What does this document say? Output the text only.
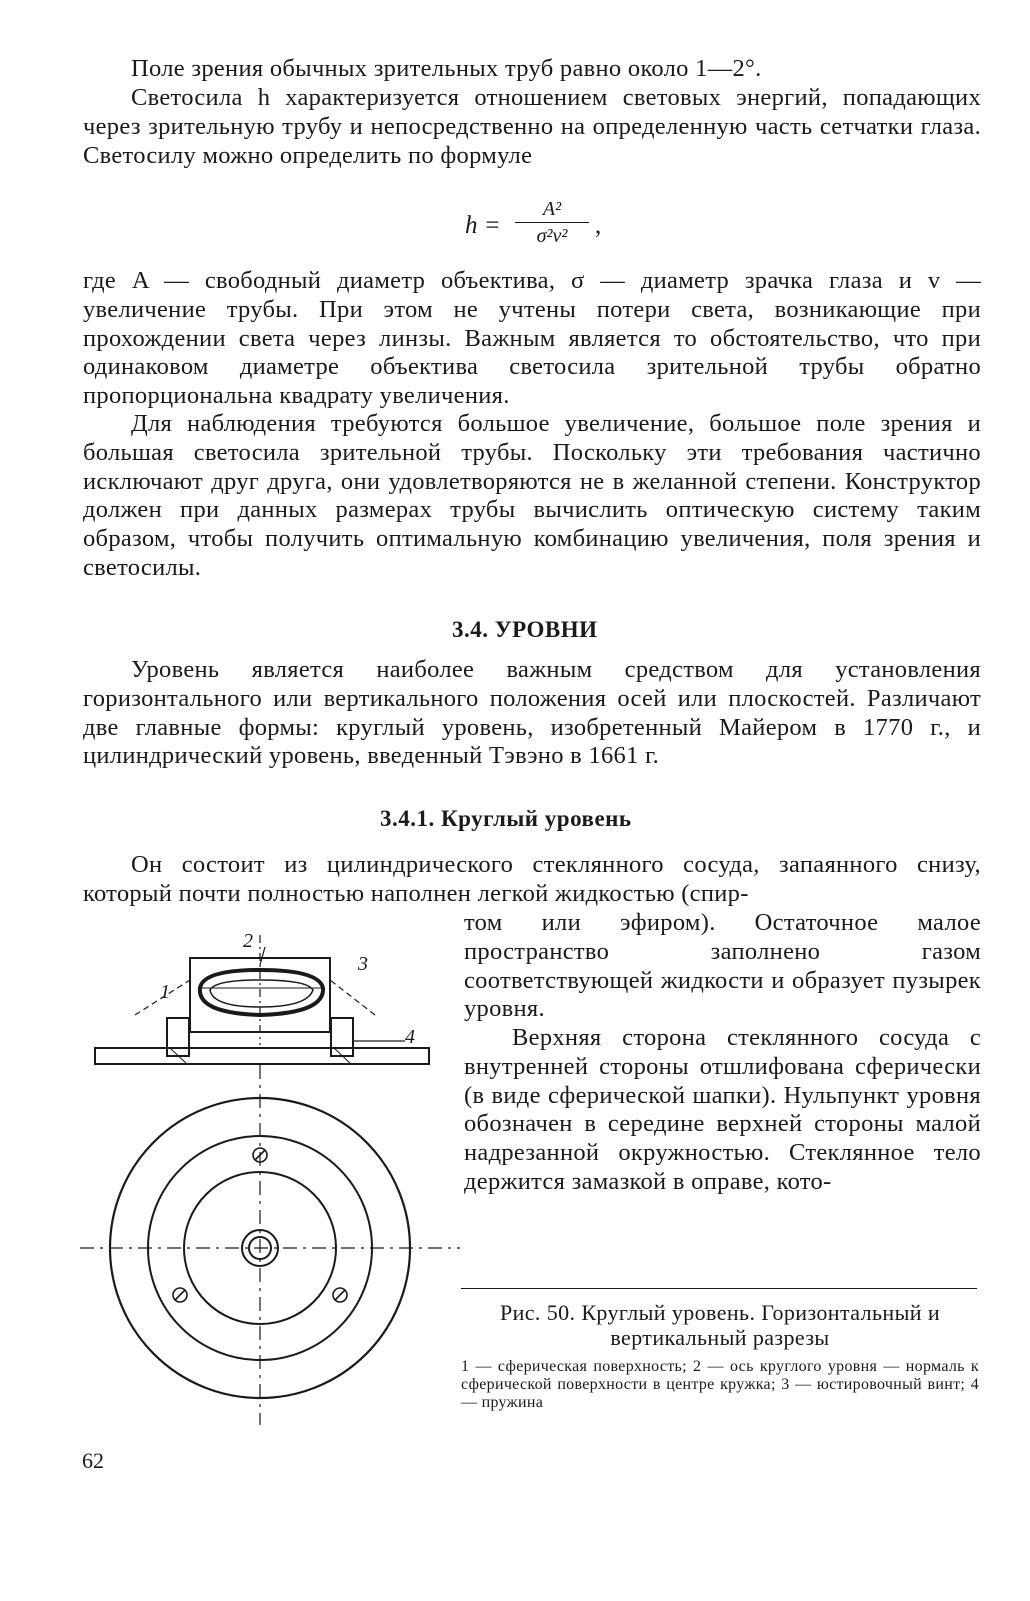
Поле зрения обычных зрительных труб равно около 1—2°.

Светосила h характеризуется отношением световых энергий, попадающих через зрительную трубу и непосредственно на определенную часть сетчатки глаза. Светосилу можно определить по формуле

h =
A²
σ²v²	,

где A — свободный диаметр объектива, σ — диаметр зрачка глаза и v — увеличение трубы. При этом не учтены потери света, возникающие при прохождении света через линзы. Важным является то обстоятельство, что при одинаковом диаметре объектива светосила зрительной трубы обратно пропорциональна квадрату увеличения.

Для наблюдения требуются большое увеличение, большое поле зрения и большая светосила зрительной трубы. Поскольку эти требования частично исключают друг друга, они удовлетворяются не в желанной степени. Конструктор должен при данных размерах трубы вычислить оптическую систему таким образом, чтобы получить оптимальную комбинацию увеличения, поля зрения и светосилы.

3.4. УРОВНИ

Уровень является наиболее важным средством для установления горизонтального или вертикального положения осей или плоскостей. Различают две главные формы: круглый уровень, изобретенный Майером в 1770 г., и цилиндрический уровень, введенный Тэвэно в 1661 г.

3.4.1. Круглый уровень

Он состоит из цилиндрического стеклянного сосуда, запаянного снизу, который почти полностью наполнен легкой жидкостью (спир-

том или эфиром). Остаточное малое пространство заполнено газом соответствующей жидкости и образует пузырек уровня.

Верхняя сторона стеклянного сосуда с внутренней стороны отшлифована сферически (в виде сферической шапки). Нульпункт уровня обозначен в середине верхней стороны малой надрезанной окружностью. Стеклянное тело держится замазкой в оправе, кото-

1
2
3
4
Рис. 50. Круглый уровень. Горизонтальный и вертикальный разрезы
1 — сферическая поверхность; 2 — ось круглого уровня — нормаль к сферической поверхности в центре кружка; 3 — юстировочный винт; 4 — пружина
62
